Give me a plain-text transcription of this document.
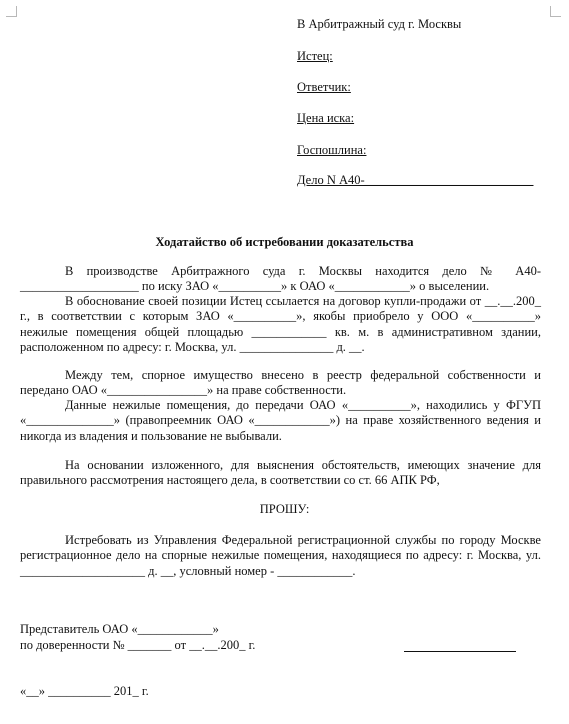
В Арбитражный суд г. Москвы
Истец:
Ответчик:
Цена иска:
Госпошлина:
Дело N А40-___________________________
Ходатайство об истребовании доказательства
В производстве Арбитражного суда г. Москвы находится дело № А40-___________________ по иску ЗАО «__________» к ОАО «____________» о выселении.
В обоснование своей позиции Истец ссылается на договор купли-продажи от __.__.200_ г., в соответствии с которым ЗАО «__________», якобы приобрело у ООО «__________» нежилые помещения общей площадью ____________ кв. м. в административном здании, расположенном по адресу: г. Москва, ул. _______________ д. __.
Между тем, спорное имущество внесено в реестр федеральной собственности и передано ОАО «________________» на праве собственности.
Данные нежилые помещения, до передачи ОАО «__________», находились у ФГУП «______________» (правопреемник ОАО «____________») на праве хозяйственного ведения и никогда из владения и пользование не выбывали.
На основании изложенного, для выяснения обстоятельств, имеющих значение для правильного рассмотрения настоящего дела, в соответствии со ст. 66 АПК РФ,
ПРОШУ:
Истребовать из Управления Федеральной регистрационной службы по городу Москве регистрационное дело на спорные нежилые помещения, находящиеся по адресу: г. Москва, ул. ____________________ д. __, условный номер - ____________.
Представитель ОАО «____________»
по доверенности № _______ от __.__.200_ г.
«__» __________ 201_ г.
